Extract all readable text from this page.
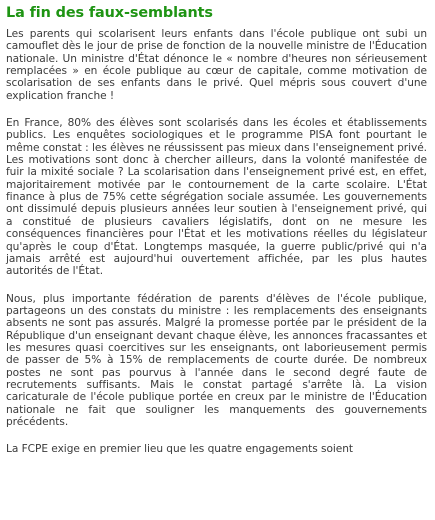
La fin des faux-semblants

Les parents qui scolarisent leurs enfants dans l'école publique ont subi un camouflet dès le jour de prise de fonction de la nouvelle ministre de l'Éducation nationale. Un ministre d'État dénonce le « nombre d'heures non sérieusement remplacées » en école publique au cœur de capitale, comme motivation de scolarisation de ses enfants dans le privé. Quel mépris sous couvert d'une explication franche !

En France, 80% des élèves sont scolarisés dans les écoles et établissements publics. Les enquêtes sociologiques et le programme PISA font pourtant le même constat : les élèves ne réussissent pas mieux dans l'enseignement privé. Les motivations sont donc à chercher ailleurs, dans la volonté manifestée de fuir la mixité sociale ? La scolarisation dans l'enseignement privé est, en effet, majoritairement motivée par le contournement de la carte scolaire. L'État finance à plus de 75% cette ségrégation sociale assumée. Les gouvernements ont dissimulé depuis plusieurs années leur soutien à l'enseignement privé, qui a constitué de plusieurs cavaliers législatifs, dont on ne mesure les conséquences financières pour l'État et les motivations réelles du législateur qu'après le coup d'État. Longtemps masquée, la guerre public/privé qui n'a jamais arrêté est aujourd'hui ouvertement affichée, par les plus hautes autorités de l'État.

Nous, plus importante fédération de parents d'élèves de l'école publique, partageons un des constats du ministre : les remplacements des enseignants absents ne sont pas assurés. Malgré la promesse portée par le président de la République d'un enseignant devant chaque élève, les annonces fracassantes et les mesures quasi coercitives sur les enseignants, ont laborieusement permis de passer de 5% à 15% de remplacements de courte durée. De nombreux postes ne sont pas pourvus à l'année dans le second degré faute de recrutements suffisants. Mais le constat partagé s'arrête là. La vision caricaturale de l'école publique portée en creux par le ministre de l'Éducation nationale ne fait que souligner les manquements des gouvernements précédents.

La FCPE exige en premier lieu que les quatre engagements soient
